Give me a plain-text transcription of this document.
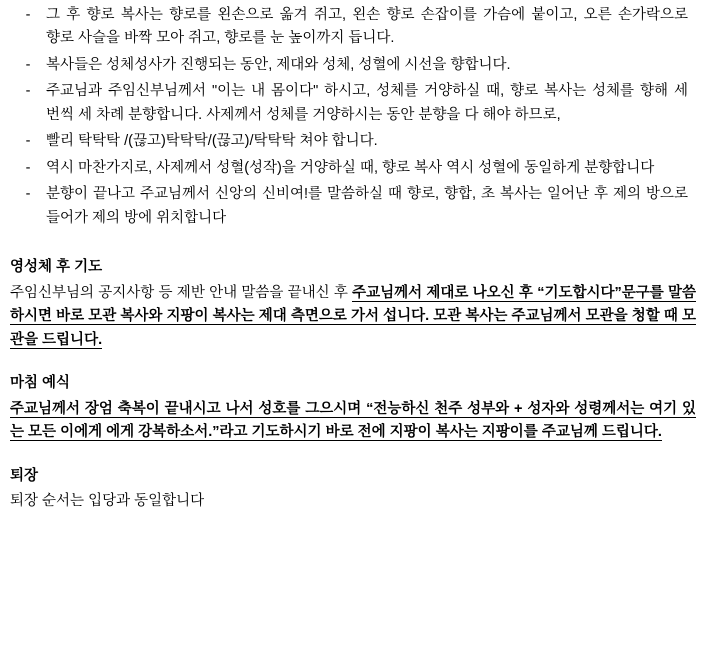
-	그 후 향로 복사는 향로를 왼손으로 옮겨 쥐고, 왼손 향로 손잡이를 가슴에 붙이고, 오른 손가락으로 향로 사슬을 바짝 모아 쥐고, 향로를 눈 높이까지 듭니다.
-	복사들은 성체성사가 진행되는 동안, 제대와 성체, 성혈에 시선을 향합니다.
-	주교님과 주임신부님께서 "이는 내 몸이다" 하시고, 성체를 거양하실 때, 향로 복사는 성체를 향해 세 번씩 세 차례 분향합니다. 사제께서 성체를 거양하시는 동안 분향을 다 해야 하므로,
-	빨리 탁탁탁 /(끊고)탁탁탁/(끊고)/탁탁탁 쳐야 합니다.
-	역시 마찬가지로, 사제께서 성혈(성작)을 거양하실 때, 향로 복사 역시 성혈에 동일하게 분향합니다
-	분향이 끝나고 주교님께서 신앙의 신비여!를 말씀하실 때 향로, 향합, 초 복사는 일어난 후 제의 방으로 들어가 제의 방에 위치합니다
영성체 후 기도
주임신부님의 공지사항 등 제반 안내 말씀을 끝내신 후 주교님께서 제대로 나오신 후 “기도합시다”문구를 말씀하시면 바로 모관 복사와 지팡이 복사는 제대 측면으로 가서 섭니다. 모관 복사는 주교님께서 모관을 청할 때 모관을 드립니다.
마침 예식
주교님께서 장엄 축복이 끝내시고 나서 성호를 그으시며 “전능하신 천주 성부와 + 성자와 성령께서는 여기 있는 모든 이에게 에게 강복하소서.”라고 기도하시기 바로 전에 지팡이 복사는 지팡이를 주교님께 드립니다.
퇴장
퇴장 순서는 입당과 동일합니다
